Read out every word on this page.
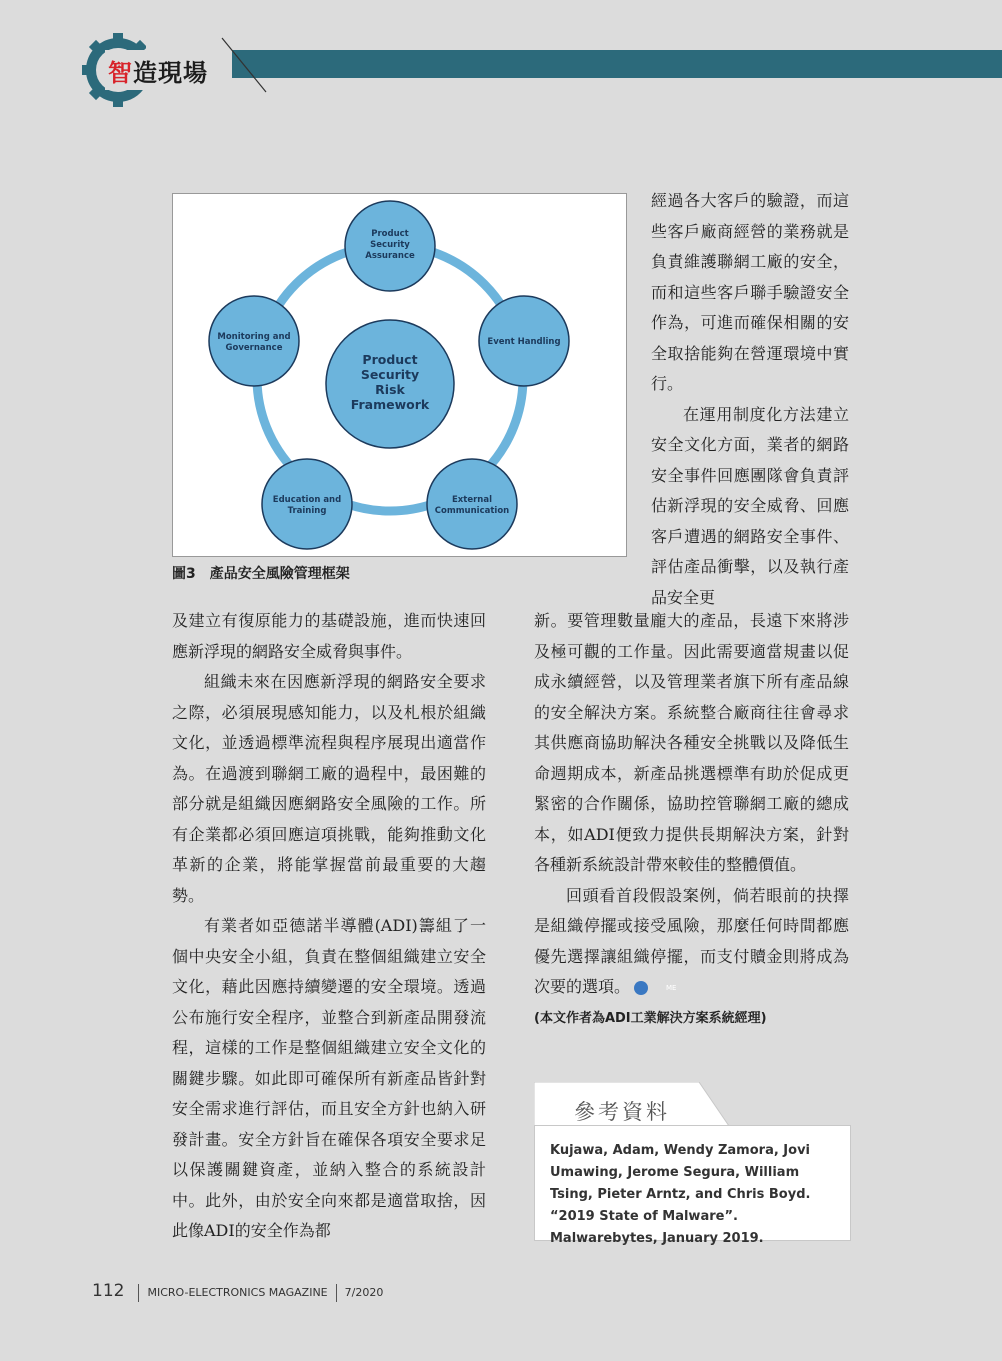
智造現場
Product Security Risk Framework
Product Security Assurance
Event Handling
External Communication
Education and Training
Monitoring and Governance
圖3 產品安全風險管理框架

經過各大客戶的驗證，而這些客戶廠商經營的業務就是負責維護聯網工廠的安全，而和這些客戶聯手驗證安全作為，可進而確保相關的安全取捨能夠在營運環境中實行。

在運用制度化方法建立安全文化方面，業者的網路安全事件回應團隊會負責評估新浮現的安全威脅、回應客戶遭遇的網路安全事件、評估產品衝擊，以及執行產品安全更

及建立有復原能力的基礎設施，進而快速回應新浮現的網路安全威脅與事件。

組織未來在因應新浮現的網路安全要求之際，必須展現感知能力，以及札根於組織文化，並透過標準流程與程序展現出適當作為。在過渡到聯網工廠的過程中，最困難的部分就是組織因應網路安全風險的工作。所有企業都必須回應這項挑戰，能夠推動文化革新的企業，將能掌握當前最重要的大趨勢。

有業者如亞德諾半導體(ADI)籌組了一個中央安全小組，負責在整個組織建立安全文化，藉此因應持續變遷的安全環境。透過公布施行安全程序，並整合到新產品開發流程，這樣的工作是整個組織建立安全文化的關鍵步驟。如此即可確保所有新產品皆針對安全需求進行評估，而且安全方針也納入研發計畫。安全方針旨在確保各項安全要求足以保護關鍵資產，並納入整合的系統設計中。此外，由於安全向來都是適當取捨，因此像ADI的安全作為都

新。要管理數量龐大的產品，長遠下來將涉及極可觀的工作量。因此需要適當規畫以促成永續經營，以及管理業者旗下所有產品線的安全解決方案。系統整合廠商往往會尋求其供應商協助解決各種安全挑戰以及降低生命週期成本，新產品挑選標準有助於促成更緊密的合作關係，協助控管聯網工廠的總成本，如ADI便致力提供長期解決方案，針對各種新系統設計帶來較佳的整體價值。

回頭看首段假設案例，倘若眼前的抉擇是組織停擺或接受風險，那麼任何時間都應優先選擇讓組織停擺，而支付贖金則將成為次要的選項。	ME

(本文作者為ADI工業解決方案系統經理)
參考資料
Kujawa, Adam, Wendy Zamora, Jovi Umawing, Jerome Segura, William Tsing, Pieter Arntz, and Chris Boyd. “2019 State of Malware”. Malwarebytes, January 2019.
112 MICRO-ELECTRONICS MAGAZINE 7/2020
